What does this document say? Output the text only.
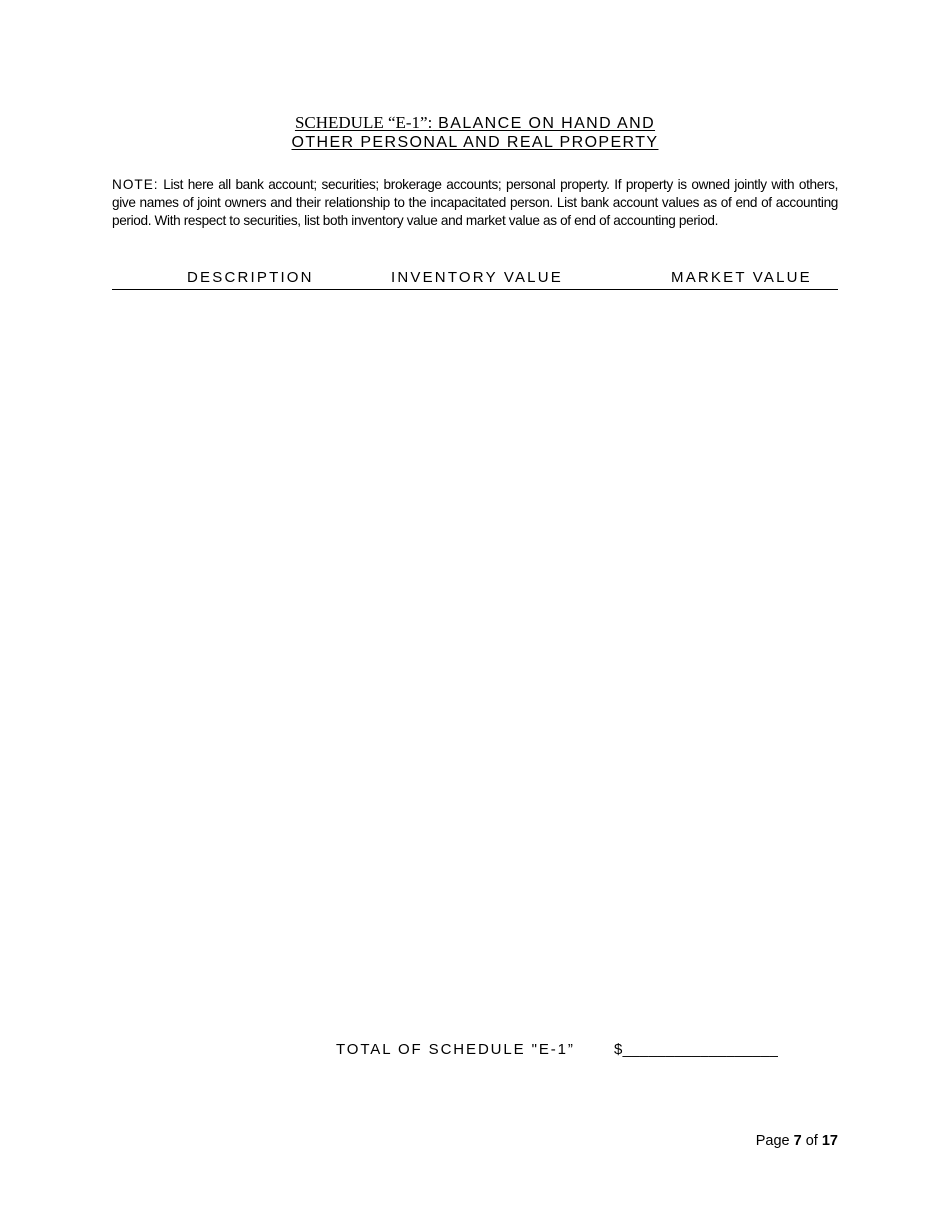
SCHEDULE “E-1”: BALANCE ON HAND AND
OTHER PERSONAL AND REAL PROPERTY
NOTE: List here all bank account; securities; brokerage accounts; personal property. If property is owned jointly with others, give names of joint owners and their relationship to the incapacitated person. List bank account values as of end of accounting period. With respect to securities, list both inventory value and market value as of end of accounting period.
DESCRIPTION	INVENTORY VALUE	MARKET VALUE
TOTAL OF SCHEDULE "E-1”	$__________________
Page 7 of 17
